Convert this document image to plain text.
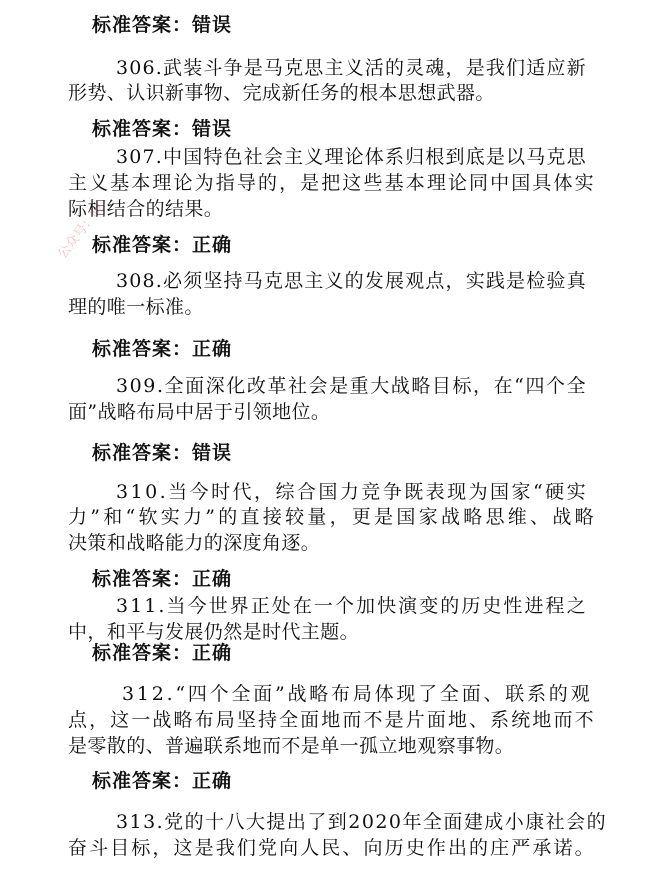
公众号：晓
标准答案：错误
306.武装斗争是马克思主义活的灵魂，是我们适应新
形势、认识新事物、完成新任务的根本思想武器。
标准答案：错误
307.中国特色社会主义理论体系归根到底是以马克思
主义基本理论为指导的，是把这些基本理论同中国具体实
际相结合的结果。
标准答案：正确
308.必须坚持马克思主义的发展观点，实践是检验真
理的唯一标准。
标准答案：正确
309.全面深化改革社会是重大战略目标，在“四个全
面”战略布局中居于引领地位。
标准答案：错误
310.当今时代，综合国力竞争既表现为国家“硬实
力”和“软实力”的直接较量，更是国家战略思维、战略
决策和战略能力的深度角逐。
标准答案：正确
311.当今世界正处在一个加快演变的历史性进程之
中，和平与发展仍然是时代主题。
标准答案：正确
312.“四个全面”战略布局体现了全面、联系的观
点，这一战略布局坚持全面地而不是片面地、系统地而不
是零散的、普遍联系地而不是单一孤立地观察事物。
标准答案：正确
313.党的十八大提出了到2020年全面建成小康社会的
奋斗目标，这是我们党向人民、向历史作出的庄严承诺。
